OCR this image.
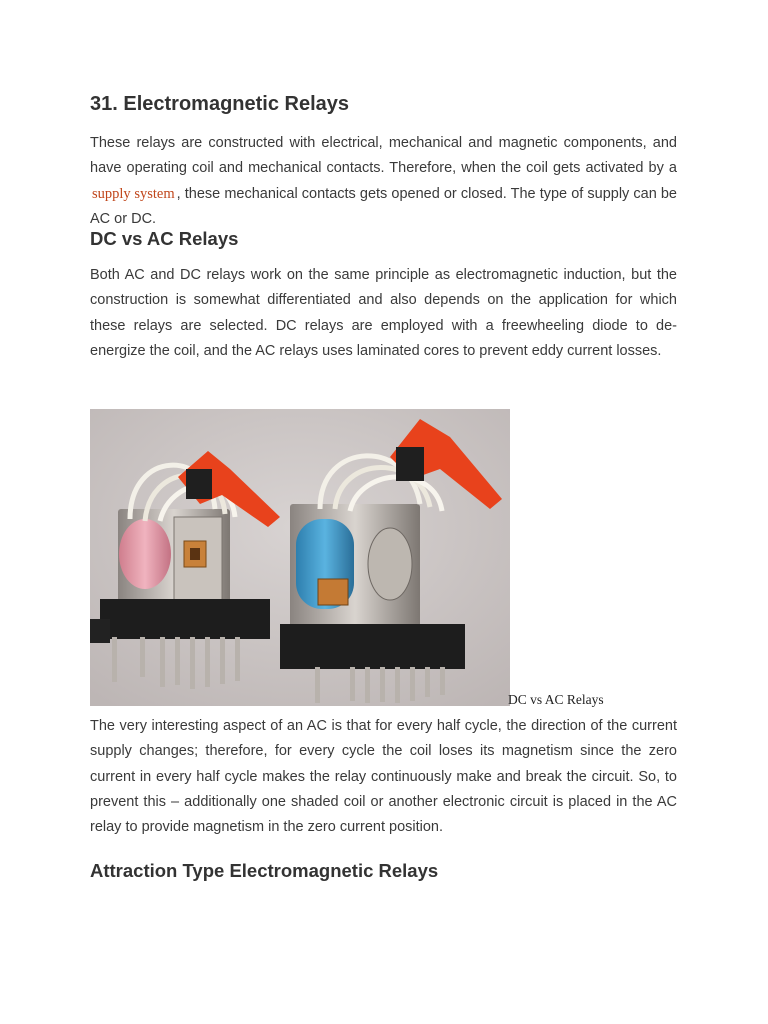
31. Electromagnetic Relays

These relays are constructed with electrical, mechanical and magnetic components, and have operating coil and mechanical contacts. Therefore, when the coil gets activated by a supply system , these mechanical contacts gets opened or closed. The type of supply can be AC or DC.

DC vs AC Relays

Both AC and DC relays work on the same principle as electromagnetic induction, but the construction is somewhat differentiated and also depends on the application for which these relays are selected. DC relays are employed with a freewheeling diode to de-energize the coil, and the AC relays uses laminated cores to prevent eddy current losses.

DC vs AC Relays

The very interesting aspect of an AC is that for every half cycle, the direction of the current supply changes; therefore, for every cycle the coil loses its magnetism since the zero current in every half cycle makes the relay continuously make and break the circuit. So, to prevent this – additionally one shaded coil or another electronic circuit is placed in the AC relay to provide magnetism in the zero current position.

Attraction Type Electromagnetic Relays
